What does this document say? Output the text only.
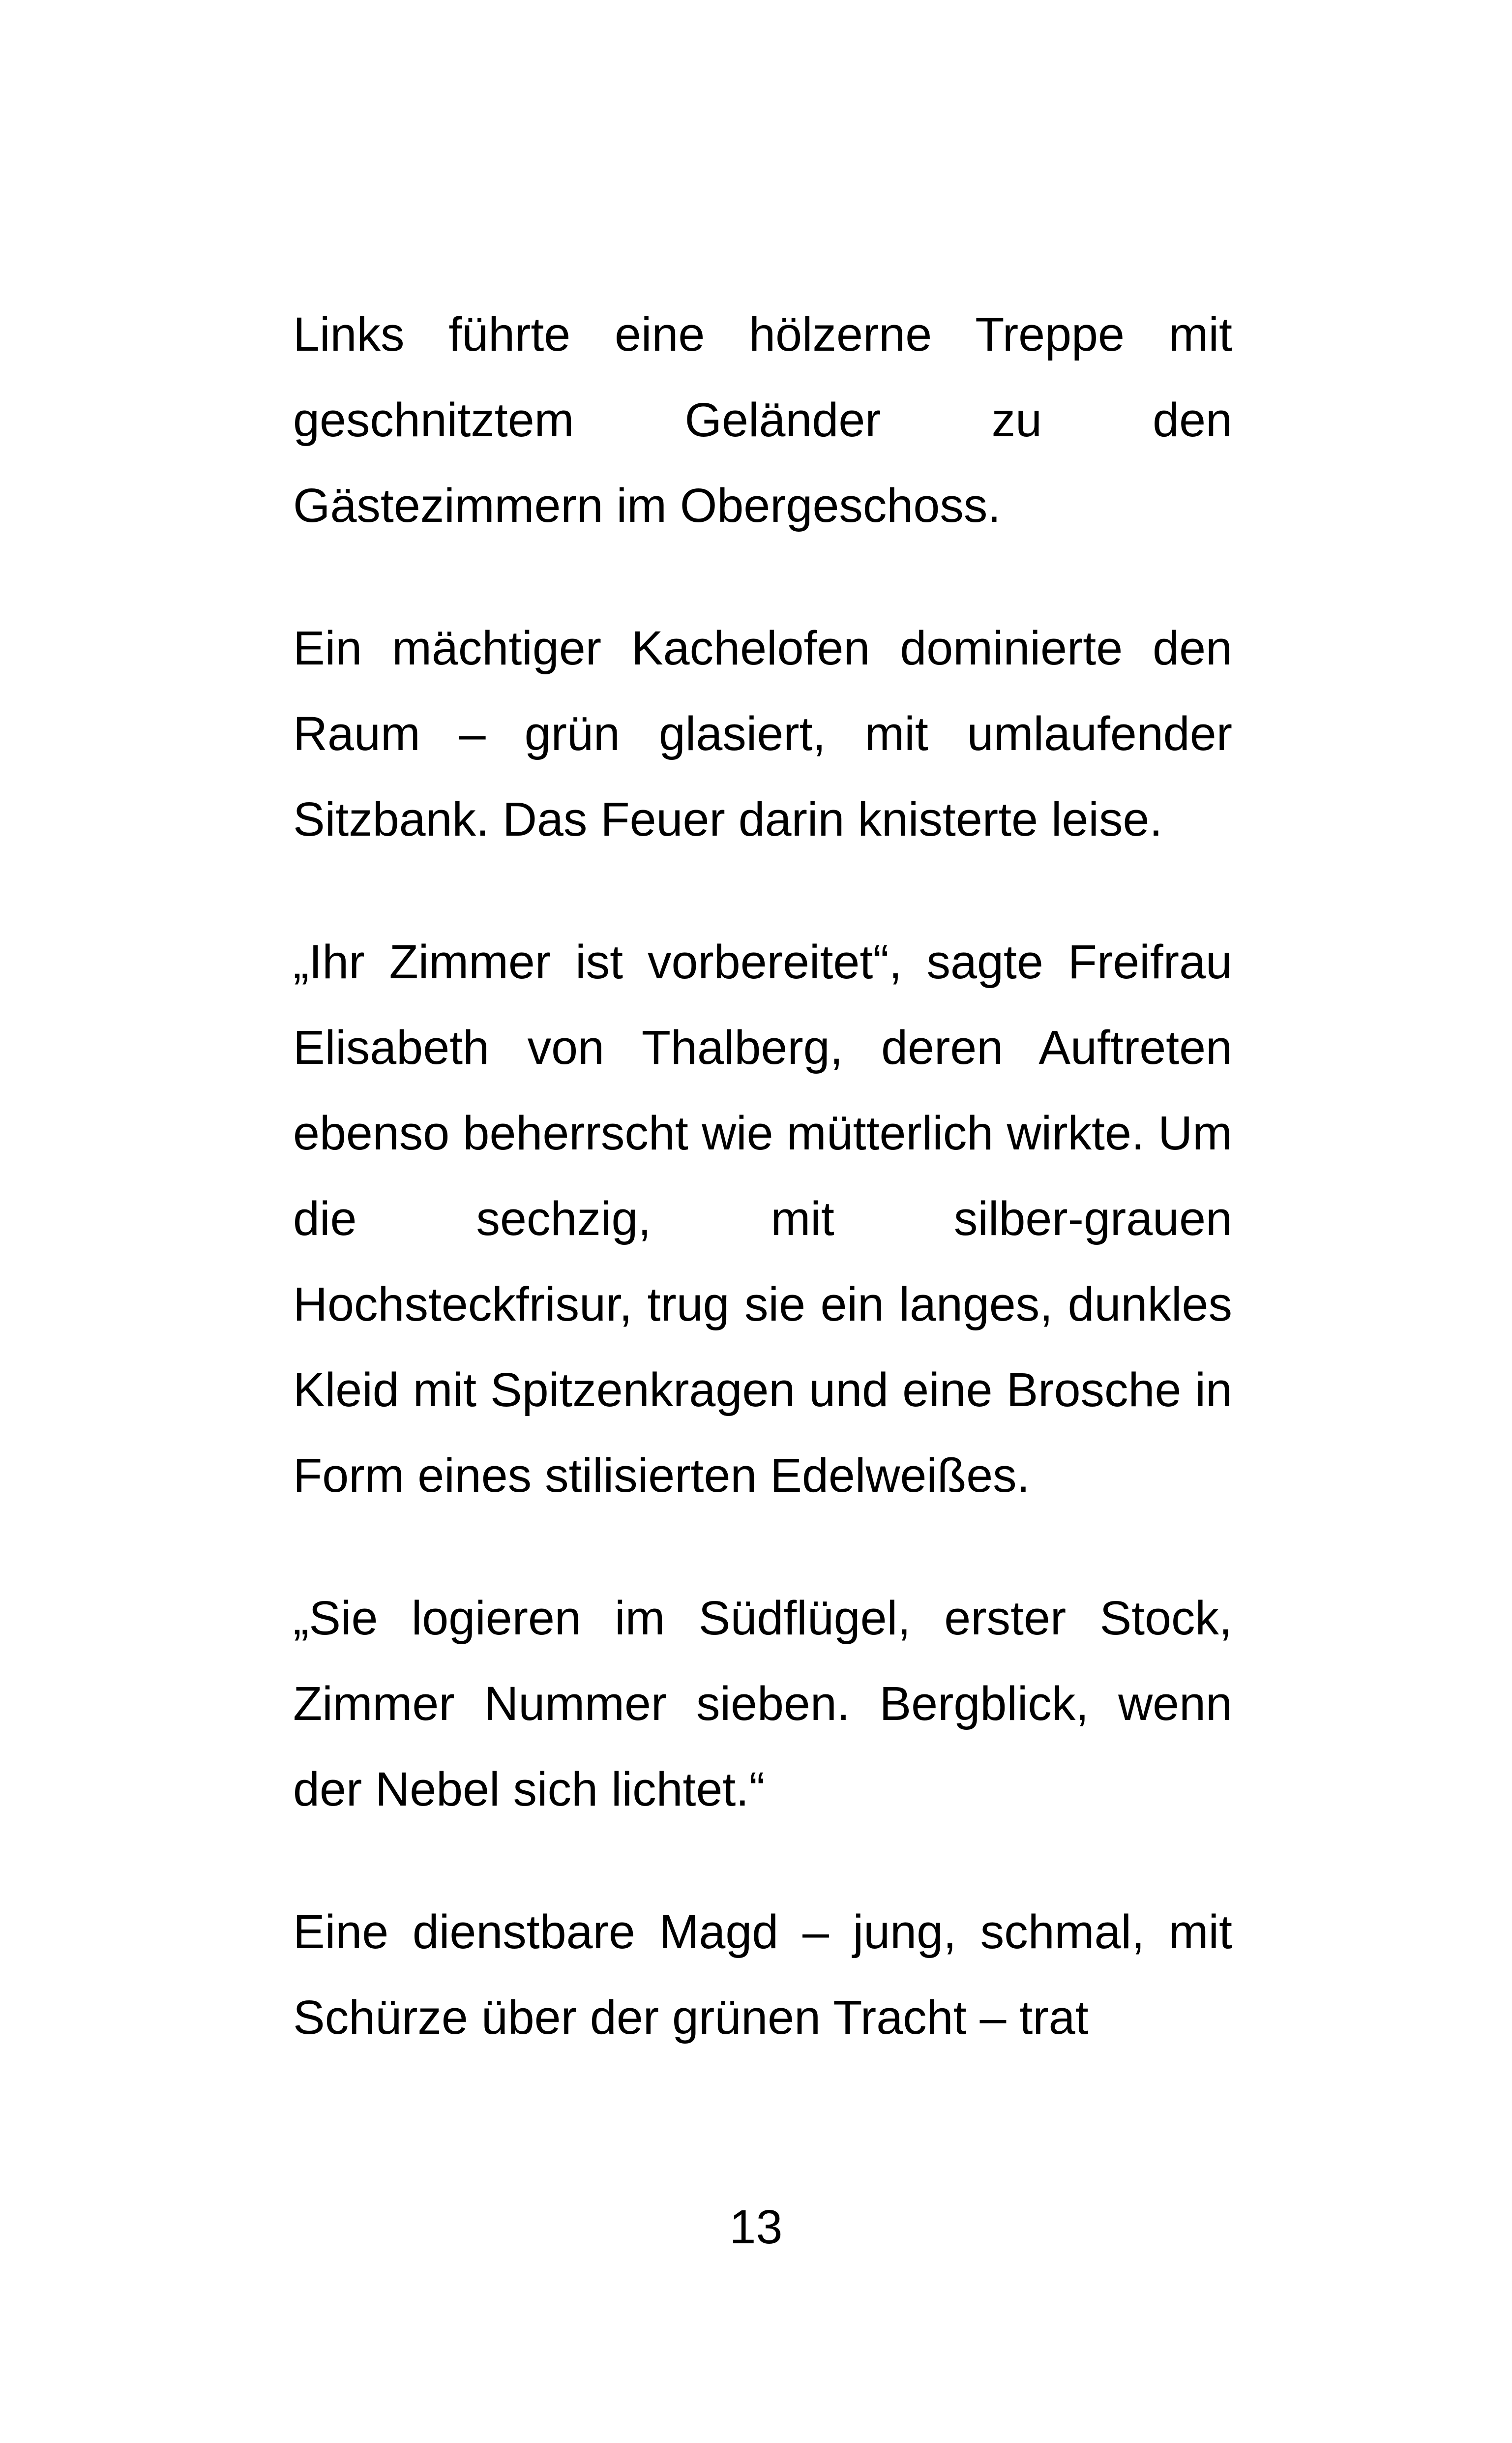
Links führte eine hölzerne Treppe mit geschnitztem Geländer zu den Gästezimmern im Obergeschoss.

Ein mächtiger Kachelofen dominierte den Raum – grün glasiert, mit umlaufender Sitzbank. Das Feuer darin knisterte leise.

„Ihr Zimmer ist vorbereitet“, sagte Freifrau Elisabeth von Thalberg, deren Auftreten ebenso beherrscht wie mütterlich wirkte. Um die sechzig, mit silber-grauen Hochsteckfrisur, trug sie ein langes, dunkles Kleid mit Spitzenkragen und eine Brosche in Form eines stilisierten Edelweißes.

„Sie logieren im Südflügel, erster Stock, Zimmer Nummer sieben. Bergblick, wenn der Nebel sich lichtet.“

Eine dienstbare Magd – jung, schmal, mit Schürze über der grünen Tracht – trat

13
